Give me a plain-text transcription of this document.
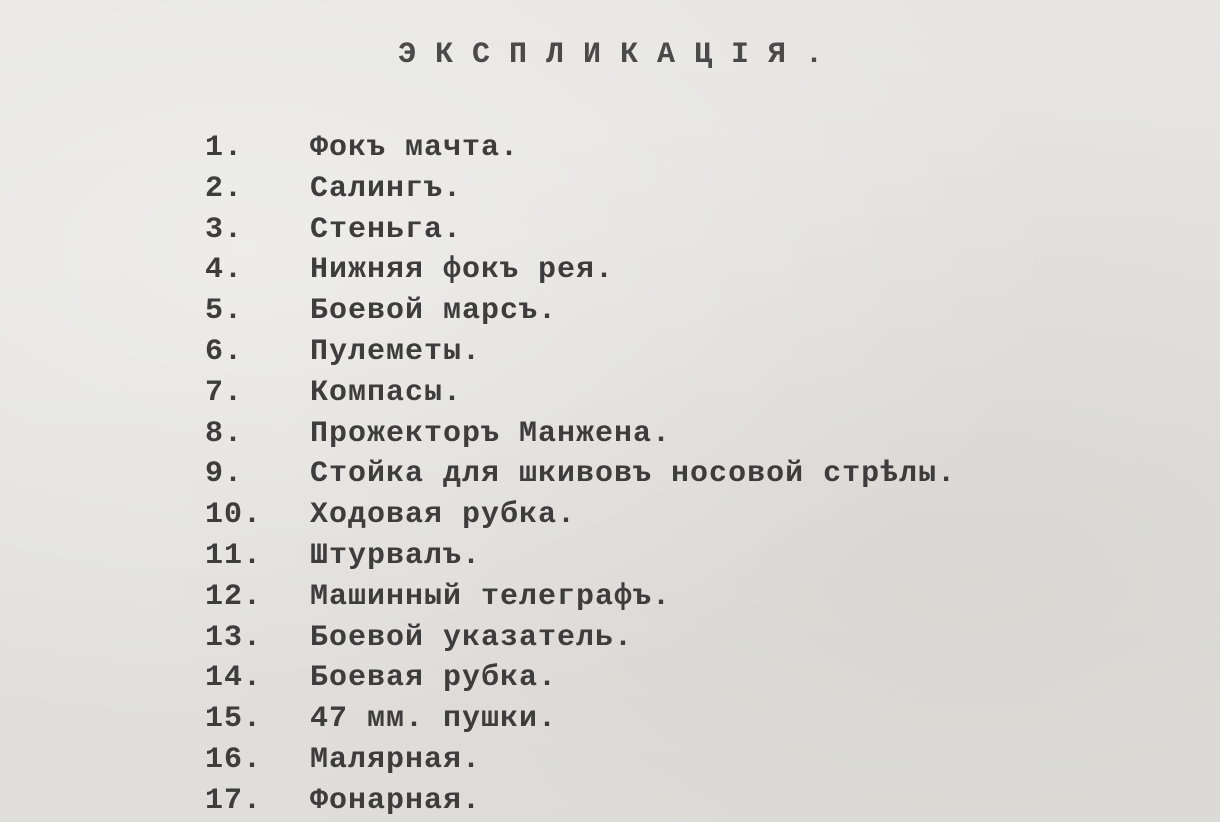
ЭКСПЛИКАЦІЯ.
1. Фокъ мачта.
2. Салингъ.
3. Стеньга.
4. Нижняя фокъ рея.
5. Боевой марсъ.
6. Пулеметы.
7. Компасы.
8. Прожекторъ Манжена.
9. Стойка для шкивовъ носовой стрѣлы.
10. Ходовая рубка.
11. Штурвалъ.
12. Машинный телеграфъ.
13. Боевой указатель.
14. Боевая рубка.
15. 47 мм. пушки.
16. Малярная.
17. Фонарная.
